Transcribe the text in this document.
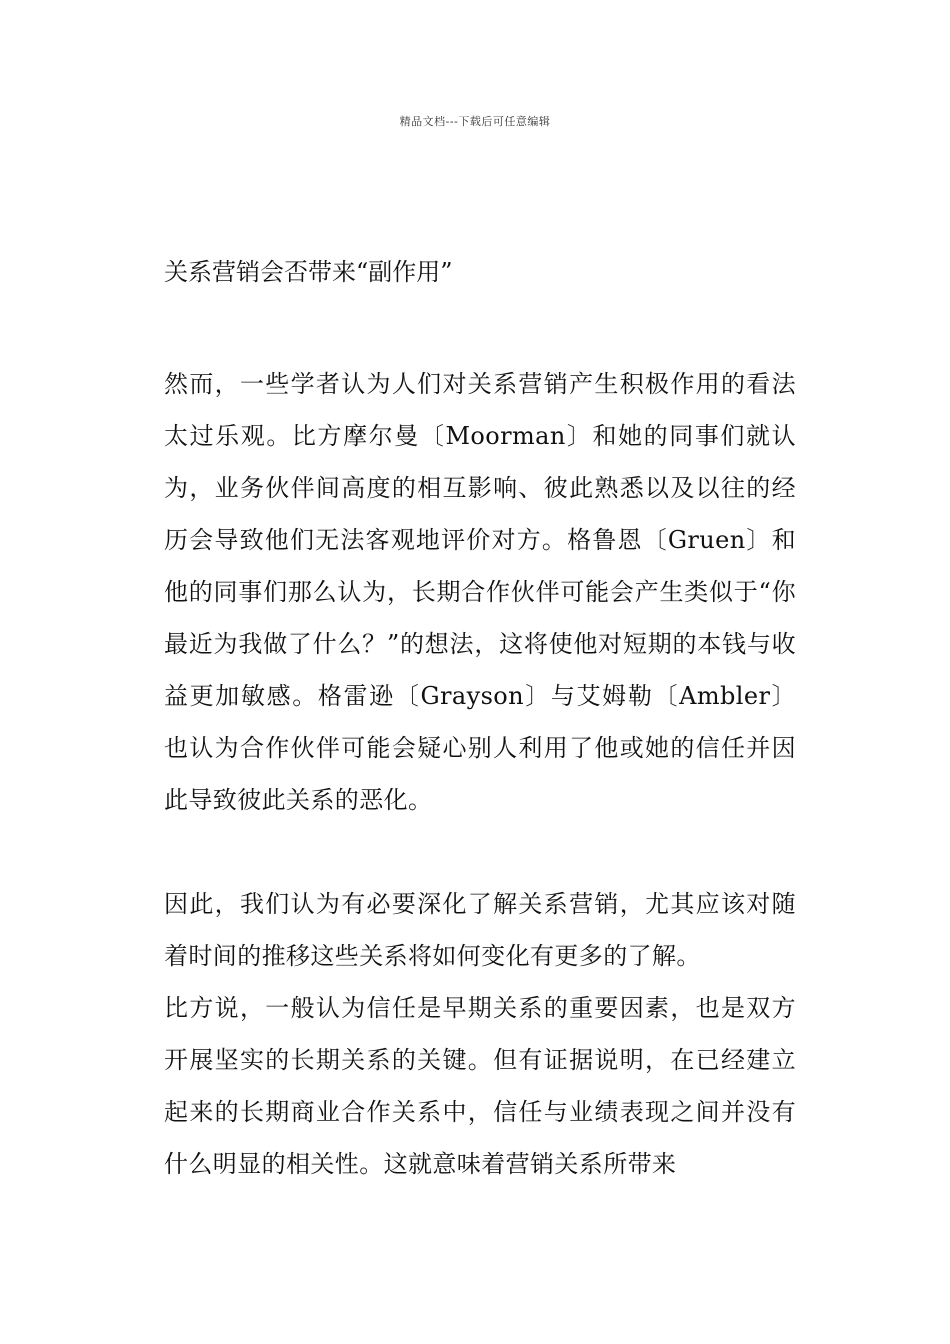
精品文档---下载后可任意编辑
关系营销会否带来“副作用”

然而，一些学者认为人们对关系营销产生积极作用的看法太过乐观。比方摩尔曼〔Moorman〕和她的同事们就认为，业务伙伴间高度的相互影响、彼此熟悉以及以往的经历会导致他们无法客观地评价对方。格鲁恩〔Gruen〕和他的同事们那么认为，长期合作伙伴可能会产生类似于“你最近为我做了什么？”的想法，这将使他对短期的本钱与收益更加敏感。格雷逊〔Grayson〕与艾姆勒〔Ambler〕也认为合作伙伴可能会疑心别人利用了他或她的信任并因此导致彼此关系的恶化。

因此，我们认为有必要深化了解关系营销，尤其应该对随着时间的推移这些关系将如何变化有更多的了解。

比方说，一般认为信任是早期关系的重要因素，也是双方开展坚实的长期关系的关键。但有证据说明，在已经建立起来的长期商业合作关系中，信任与业绩表现之间并没有什么明显的相关性。这就意味着营销关系所带来
